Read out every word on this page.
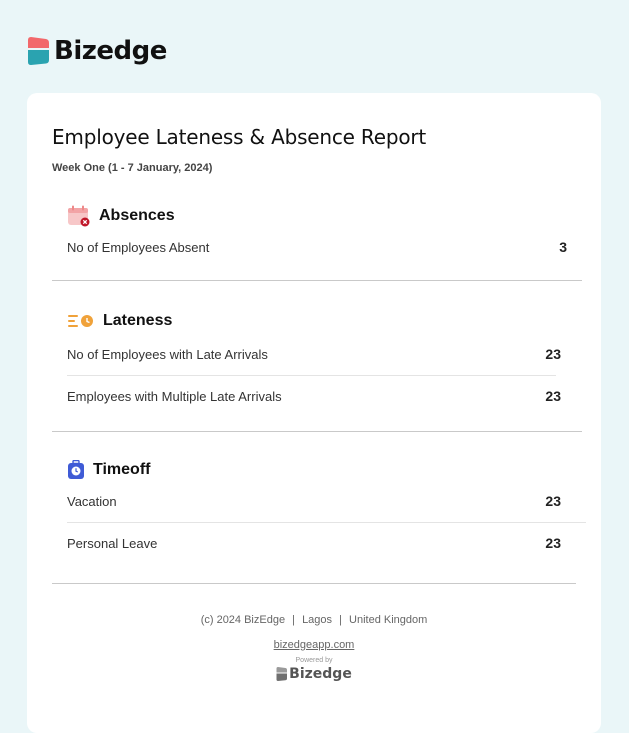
Bizedge
Employee Lateness & Absence Report
Week One (1 - 7 January, 2024)
Absences
No of Employees Absent	3
Lateness
No of Employees with Late Arrivals	23
Employees with Multiple Late Arrivals	23
Timeoff
Vacation	23
Personal Leave	23
(c) 2024 BizEdge | Lagos | United Kingdom
bizedgeapp.com
Powered by
Bizedge
